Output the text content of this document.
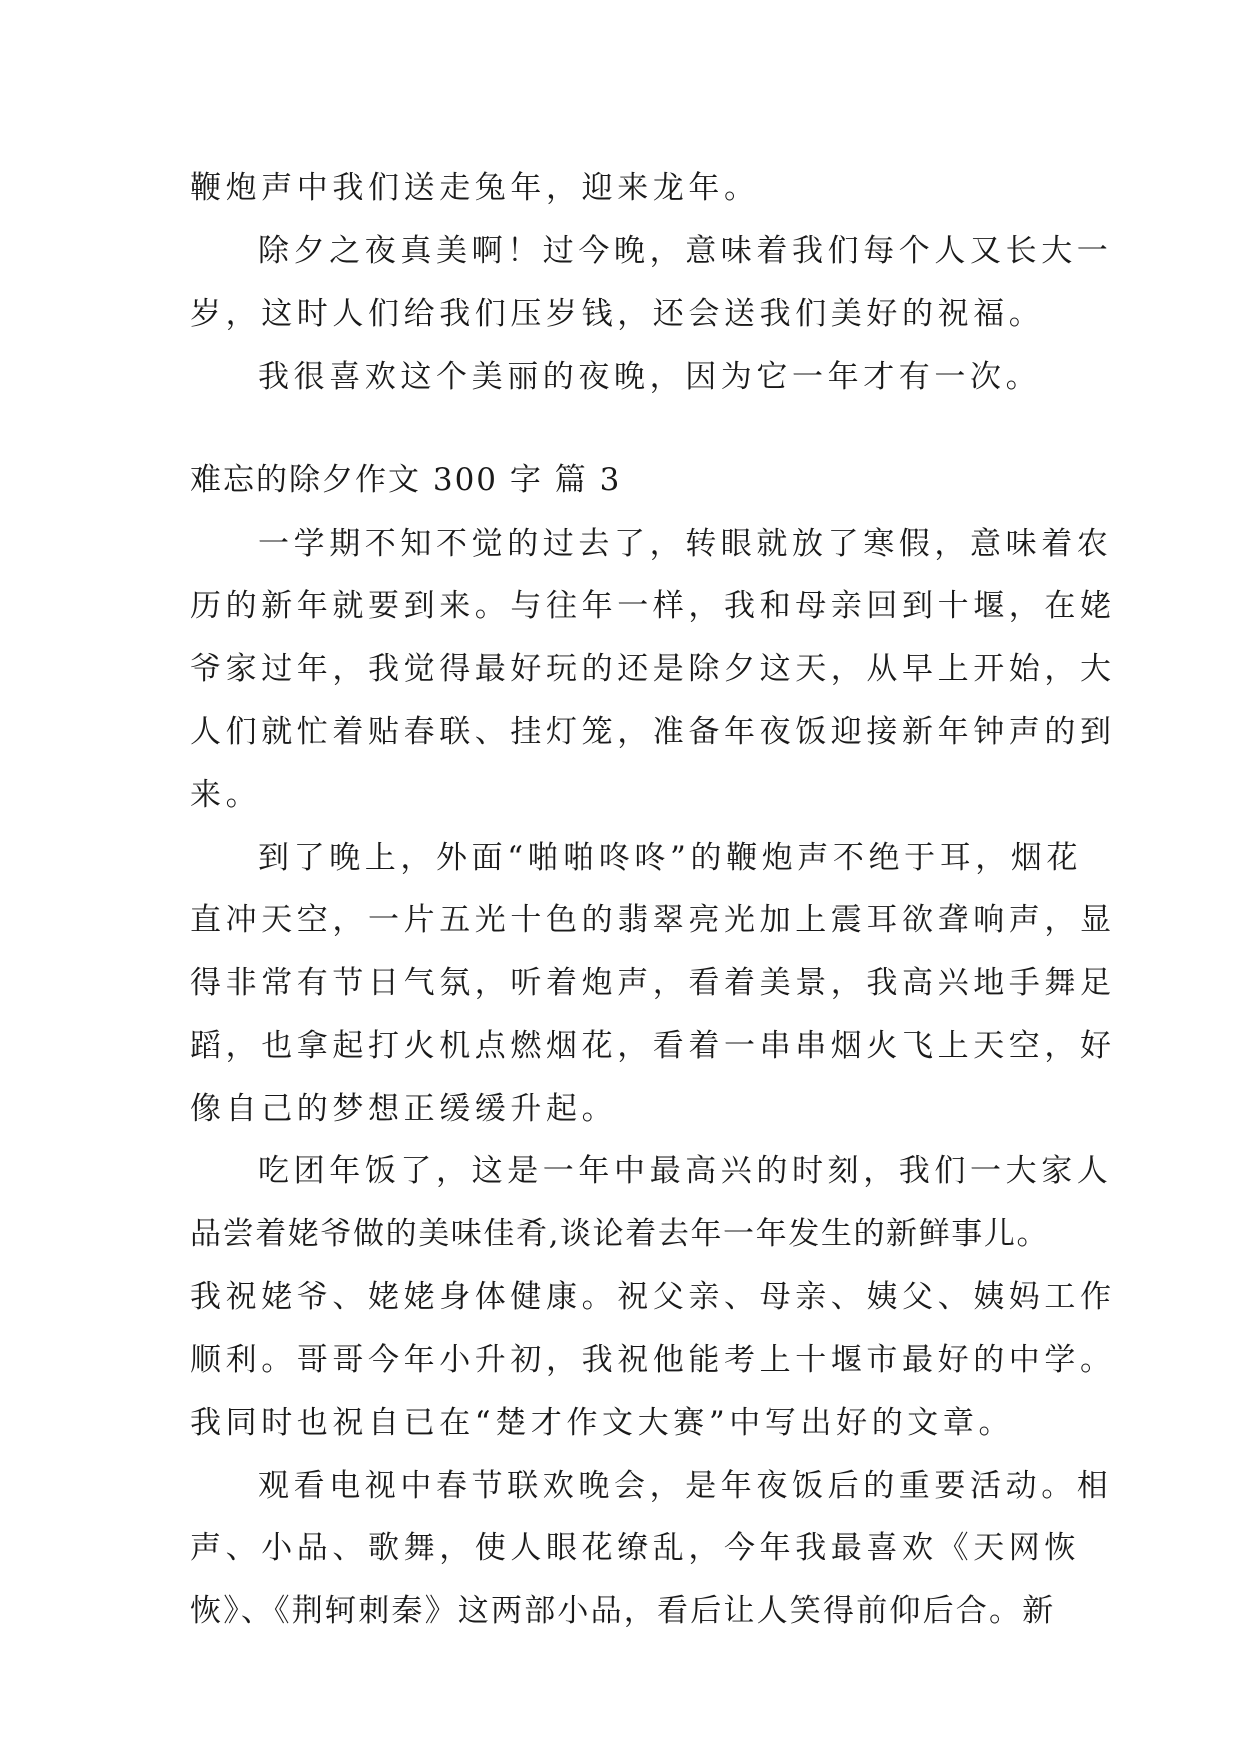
鞭炮声中我们送走兔年，迎来龙年。
除夕之夜真美啊！过今晚，意味着我们每个人又长大一
岁，这时人们给我们压岁钱，还会送我们美好的祝福。
我很喜欢这个美丽的夜晚，因为它一年才有一次。
难忘的除夕作文 300 字 篇 3
一学期不知不觉的过去了，转眼就放了寒假，意味着农
历的新年就要到来。与往年一样，我和母亲回到十堰，在姥
爷家过年，我觉得最好玩的还是除夕这天，从早上开始，大
人们就忙着贴春联、挂灯笼，准备年夜饭迎接新年钟声的到
来。
到了晚上，外面“啪啪咚咚”的鞭炮声不绝于耳，烟花
直冲天空，一片五光十色的翡翠亮光加上震耳欲聋响声，显
得非常有节日气氛，听着炮声，看着美景，我高兴地手舞足
蹈，也拿起打火机点燃烟花，看着一串串烟火飞上天空，好
像自己的梦想正缓缓升起。
吃团年饭了，这是一年中最高兴的时刻，我们一大家人
品尝着姥爷做的美味佳肴,谈论着去年一年发生的新鲜事儿。
我祝姥爷、姥姥身体健康。祝父亲、母亲、姨父、姨妈工作
顺利。哥哥今年小升初，我祝他能考上十堰市最好的中学。
我同时也祝自已在“楚才作文大赛”中写出好的文章。
观看电视中春节联欢晚会，是年夜饭后的重要活动。相
声、小品、歌舞，使人眼花缭乱，今年我最喜欢《天网恢
恢》、《荆轲刺秦》这两部小品，看后让人笑得前仰后合。新
